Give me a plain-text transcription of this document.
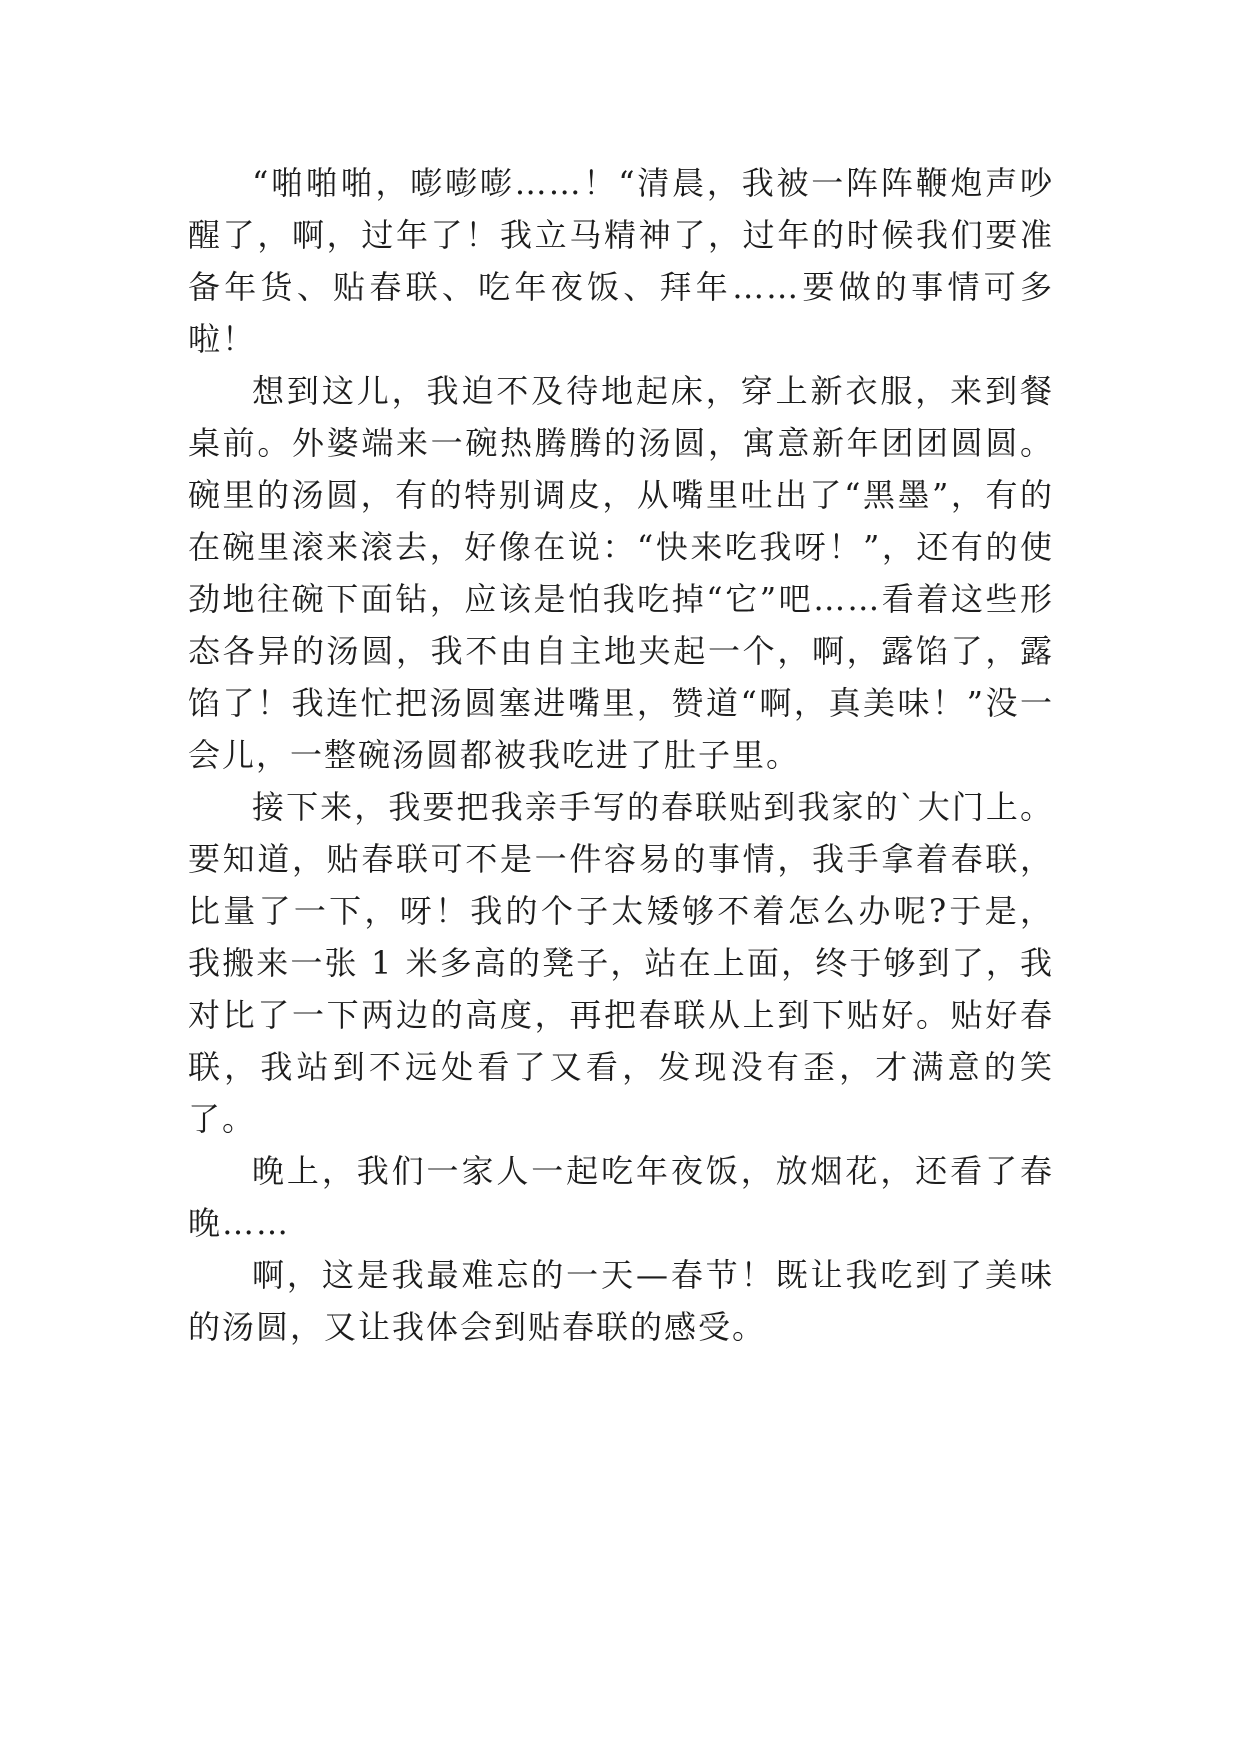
“啪啪啪，嘭嘭嘭……！“清晨，我被一阵阵鞭炮声吵醒了，啊，过年了！我立马精神了，过年的时候我们要准备年货、贴春联、吃年夜饭、拜年……要做的事情可多啦！

想到这儿，我迫不及待地起床，穿上新衣服，来到餐桌前。外婆端来一碗热腾腾的汤圆，寓意新年团团圆圆。碗里的汤圆，有的特别调皮，从嘴里吐出了“黑墨”，有的在碗里滚来滚去，好像在说：“快来吃我呀！”，还有的使劲地往碗下面钻，应该是怕我吃掉“它”吧……看着这些形态各异的汤圆，我不由自主地夹起一个，啊，露馅了，露馅了！我连忙把汤圆塞进嘴里，赞道“啊，真美味！”没一会儿，一整碗汤圆都被我吃进了肚子里。

接下来，我要把我亲手写的春联贴到我家的`大门上。要知道，贴春联可不是一件容易的事情，我手拿着春联，比量了一下，呀！我的个子太矮够不着怎么办呢?于是，我搬来一张 1 米多高的凳子，站在上面，终于够到了，我对比了一下两边的高度，再把春联从上到下贴好。贴好春联，我站到不远处看了又看，发现没有歪，才满意的笑了。

晚上，我们一家人一起吃年夜饭，放烟花，还看了春晚……

啊，这是我最难忘的一天—春节！既让我吃到了美味的汤圆，又让我体会到贴春联的感受。
